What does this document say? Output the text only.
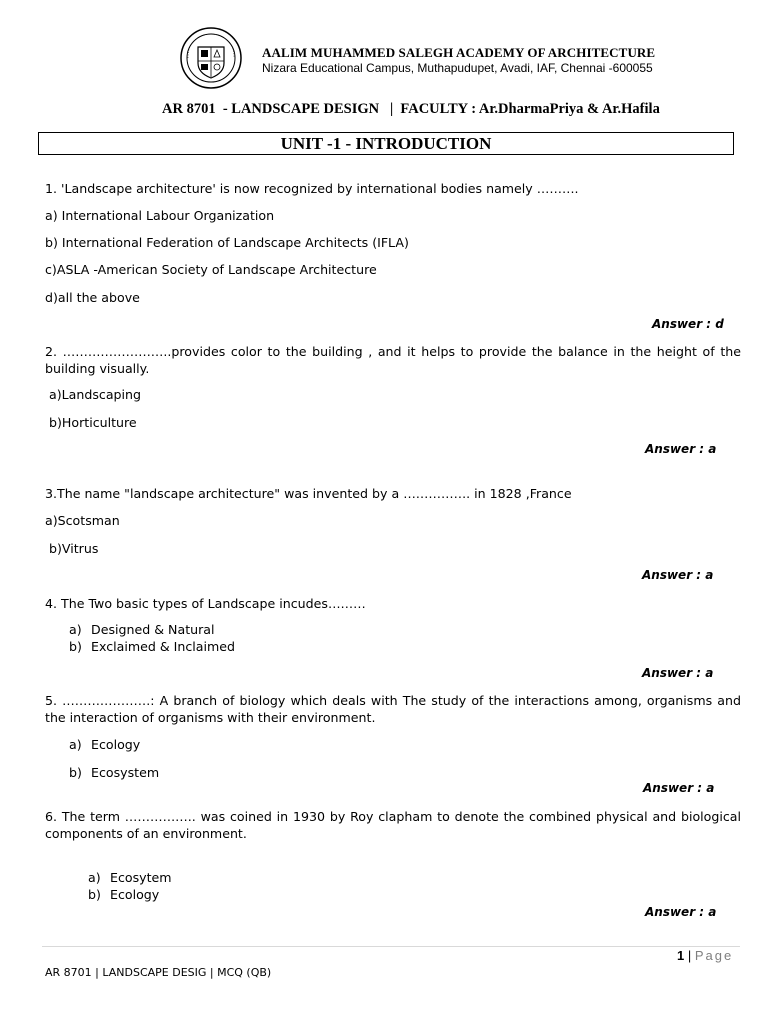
AALIM MUHAMMED SALEGH ACADEMY OF ARCHITECTURE
Nizara Educational Campus, Muthapudupet, Avadi, IAF, Chennai -600055
AR 8701  - LANDSCAPE DESIGN   |  FACULTY : Ar.DharmaPriya & Ar.Hafila
UNIT -1 - INTRODUCTION
1. 'Landscape architecture' is now recognized by international bodies namely ……….
a) International Labour Organization
b) International Federation of Landscape Architects (IFLA)
c)ASLA -American Society of Landscape Architecture
d)all the above
Answer : d
2. ……………………..provides color to the building , and it helps to provide the balance in the height of the building visually.
a)Landscaping
b)Horticulture
Answer : a
3.The name "landscape architecture" was invented by a ……………. in 1828 ,France
a)Scotsman
b)Vitrus
Answer : a
4. The Two basic types of Landscape incudes………
a) Designed & Natural
b) Exclaimed & Inclaimed
Answer : a
5. …………………: A branch of biology which deals with The study of the interactions among, organisms and the interaction of organisms with their environment.
a) Ecology
b) Ecosystem
Answer : a
6. The term …………….. was coined in 1930 by Roy clapham to denote the combined physical and biological components of an environment.
a) Ecosytem
b) Ecology
Answer : a
1 | Page
AR 8701 | LANDSCAPE DESIG | MCQ (QB)
